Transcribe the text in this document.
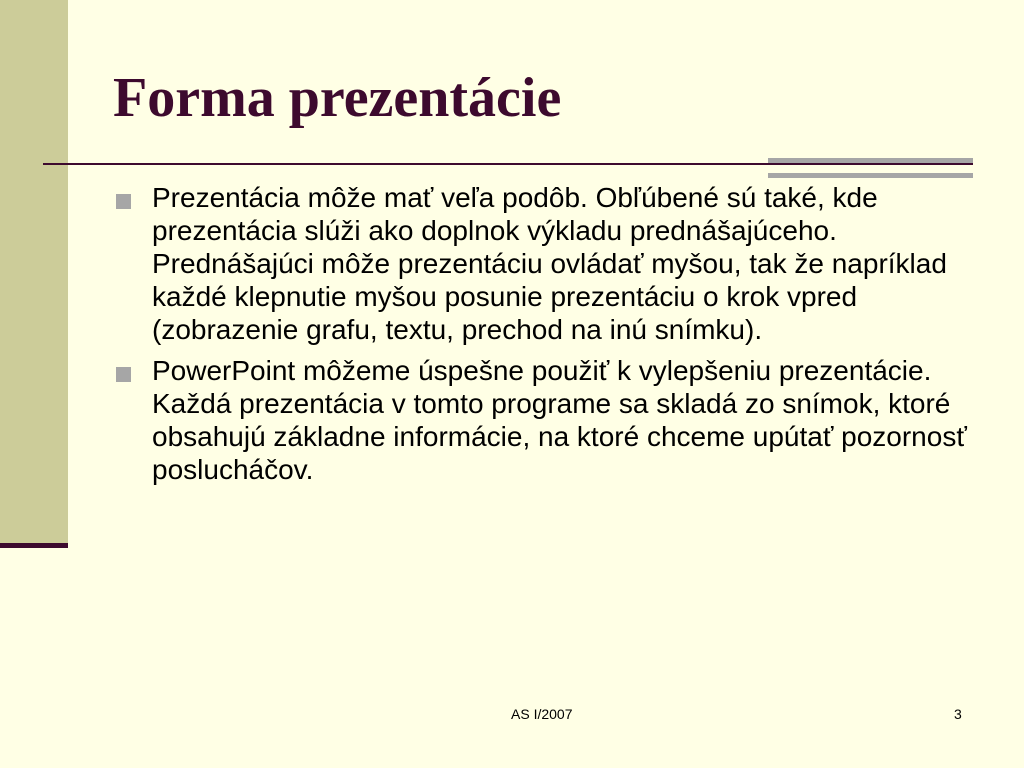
Forma prezentácie
Prezentácia môže mať veľa podôb. Obľúbené sú také, kde prezentácia slúži ako doplnok výkladu prednášajúceho. Prednášajúci môže prezentáciu ovládať myšou, tak že napríklad každé klepnutie myšou posunie prezentáciu o krok vpred (zobrazenie grafu, textu, prechod na inú snímku).
PowerPoint môžeme úspešne použiť k vylepšeniu prezentácie. Každá prezentácia v tomto programe sa skladá zo snímok, ktoré obsahujú základne informácie, na ktoré chceme upútať pozornosť poslucháčov.
AS I/2007	3
